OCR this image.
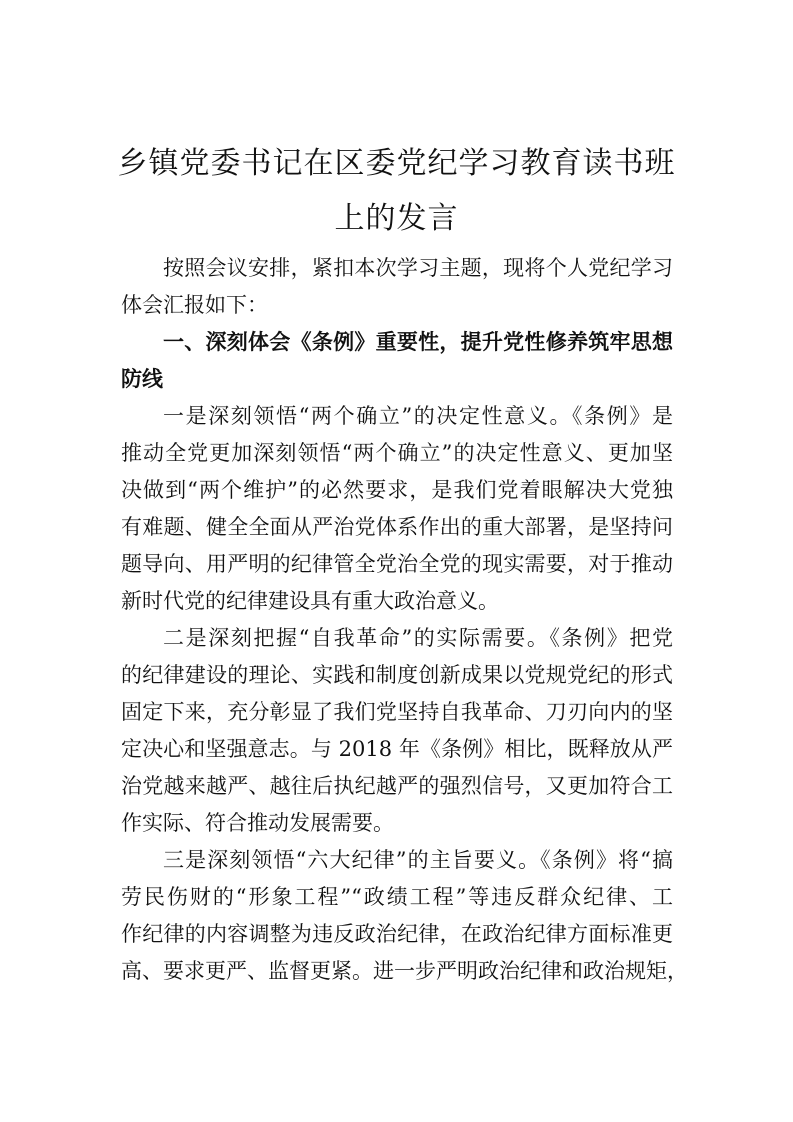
乡镇党委书记在区委党纪学习教育读书班
上的发言
按照会议安排，紧扣本次学习主题，现将个人党纪学习
体会汇报如下：
一、深刻体会《条例》重要性，提升党性修养筑牢思想
防线
一是深刻领悟“两个确立”的决定性意义。《条例》是
推动全党更加深刻领悟“两个确立”的决定性意义、更加坚
决做到“两个维护”的必然要求，是我们党着眼解决大党独
有难题、健全全面从严治党体系作出的重大部署，是坚持问
题导向、用严明的纪律管全党治全党的现实需要，对于推动
新时代党的纪律建设具有重大政治意义。
二是深刻把握“自我革命”的实际需要。《条例》把党
的纪律建设的理论、实践和制度创新成果以党规党纪的形式
固定下来，充分彰显了我们党坚持自我革命、刀刃向内的坚
定决心和坚强意志。与 2018 年《条例》相比，既释放从严
治党越来越严、越往后执纪越严的强烈信号，又更加符合工
作实际、符合推动发展需要。
三是深刻领悟“六大纪律”的主旨要义。《条例》将“搞
劳民伤财的“形象工程”“政绩工程”等违反群众纪律、工
作纪律的内容调整为违反政治纪律，在政治纪律方面标准更
高、要求更严、监督更紧。进一步严明政治纪律和政治规矩，
